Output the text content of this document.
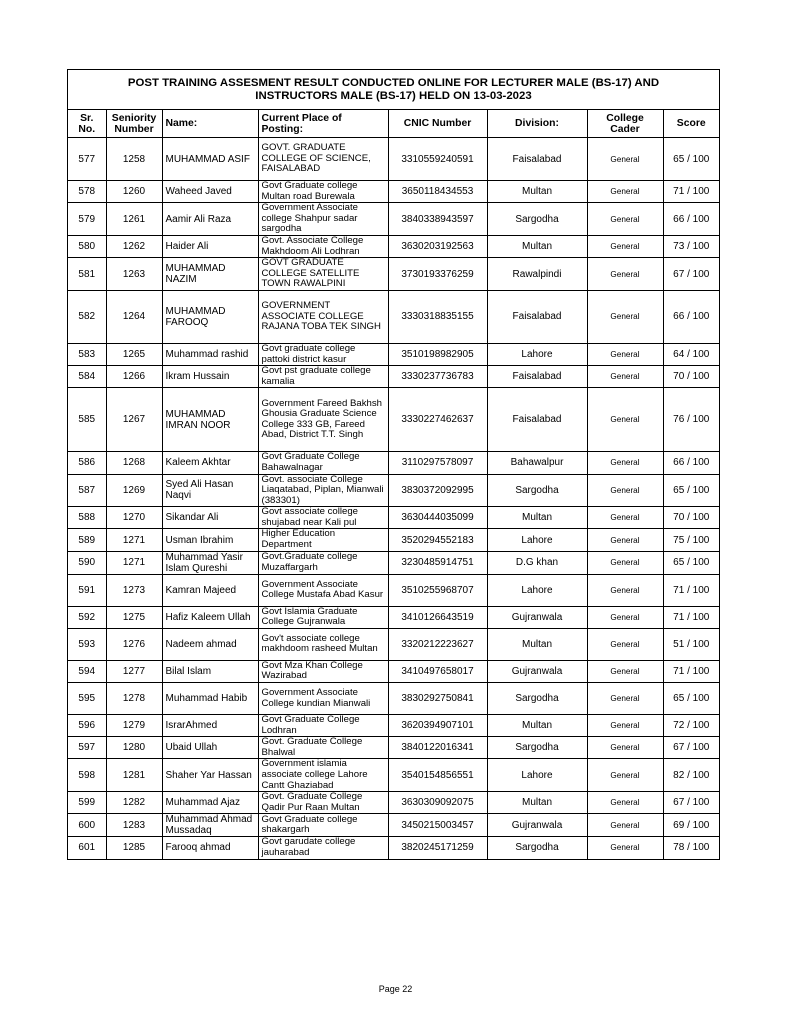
POST TRAINING ASSESMENT RESULT CONDUCTED ONLINE FOR LECTURER MALE (BS-17) AND INSTRUCTORS MALE (BS-17) HELD ON 13-03-2023
Sr. No.	Seniority Number	Name:	Current Place of Posting:	CNIC Number	Division:	College Cader	Score
577	1258	MUHAMMAD ASIF	GOVT. GRADUATE COLLEGE OF SCIENCE, FAISALABAD	3310559240591	Faisalabad	General	65 / 100
578	1260	Waheed Javed	Govt Graduate college Multan road Burewala	3650118434553	Multan	General	71 / 100
579	1261	Aamir Ali Raza	Government Associate college Shahpur sadar sargodha	3840338943597	Sargodha	General	66 / 100
580	1262	Haider Ali	Govt. Associate College Makhdoom Ali Lodhran	3630203192563	Multan	General	73 / 100
581	1263	MUHAMMAD NAZIM	GOVT GRADUATE COLLEGE SATELLITE TOWN RAWALPINI	3730193376259	Rawalpindi	General	67 / 100
582	1264	MUHAMMAD FAROOQ	GOVERNMENT ASSOCIATE COLLEGE RAJANA TOBA TEK SINGH	3330318835155	Faisalabad	General	66 / 100
583	1265	Muhammad rashid	Govt graduate college pattoki district kasur	3510198982905	Lahore	General	64 / 100
584	1266	Ikram Hussain	Govt pst graduate college kamalia	3330237736783	Faisalabad	General	70 / 100
585	1267	MUHAMMAD IMRAN NOOR	Government Fareed Bakhsh Ghousia Graduate Science College 333 GB, Fareed Abad, District T.T. Singh	3330227462637	Faisalabad	General	76 / 100
586	1268	Kaleem Akhtar	Govt Graduate College Bahawalnagar	3110297578097	Bahawalpur	General	66 / 100
587	1269	Syed Ali Hasan Naqvi	Govt. associate College Liaqatabad, Piplan, Mianwali (383301)	3830372092995	Sargodha	General	65 / 100
588	1270	Sikandar Ali	Govt associate college shujabad near Kali pul	3630444035099	Multan	General	70 / 100
589	1271	Usman Ibrahim	Higher Education Department	3520294552183	Lahore	General	75 / 100
590	1271	Muhammad Yasir Islam Qureshi	Govt.Graduate college Muzaffargarh	3230485914751	D.G khan	General	65 / 100
591	1273	Kamran Majeed	Government Associate College Mustafa Abad Kasur	3510255968707	Lahore	General	71 / 100
592	1275	Hafiz Kaleem Ullah	Govt Islamia Graduate College Gujranwala	3410126643519	Gujranwala	General	71 / 100
593	1276	Nadeem ahmad	Gov't associate college makhdoom rasheed Multan	3320212223627	Multan	General	51 / 100
594	1277	Bilal Islam	Govt Mza Khan College Wazirabad	3410497658017	Gujranwala	General	71 / 100
595	1278	Muhammad Habib	Government Associate College kundian Mianwali	3830292750841	Sargodha	General	65 / 100
596	1279	IsrarAhmed	Govt Graduate College Lodhran	3620394907101	Multan	General	72 / 100
597	1280	Ubaid Ullah	Govt. Graduate College Bhalwal	3840122016341	Sargodha	General	67 / 100
598	1281	Shaher Yar Hassan	Government islamia associate college Lahore Cantt Ghaziabad	3540154856551	Lahore	General	82 / 100
599	1282	Muhammad Ajaz	Govt. Graduate College Qadir Pur Raan Multan	3630309092075	Multan	General	67 / 100
600	1283	Muhammad Ahmad Mussadaq	Govt Graduate college shakargarh	3450215003457	Gujranwala	General	69 / 100
601	1285	Farooq ahmad	Govt garudate college jauharabad	3820245171259	Sargodha	General	78 / 100
Page 22
